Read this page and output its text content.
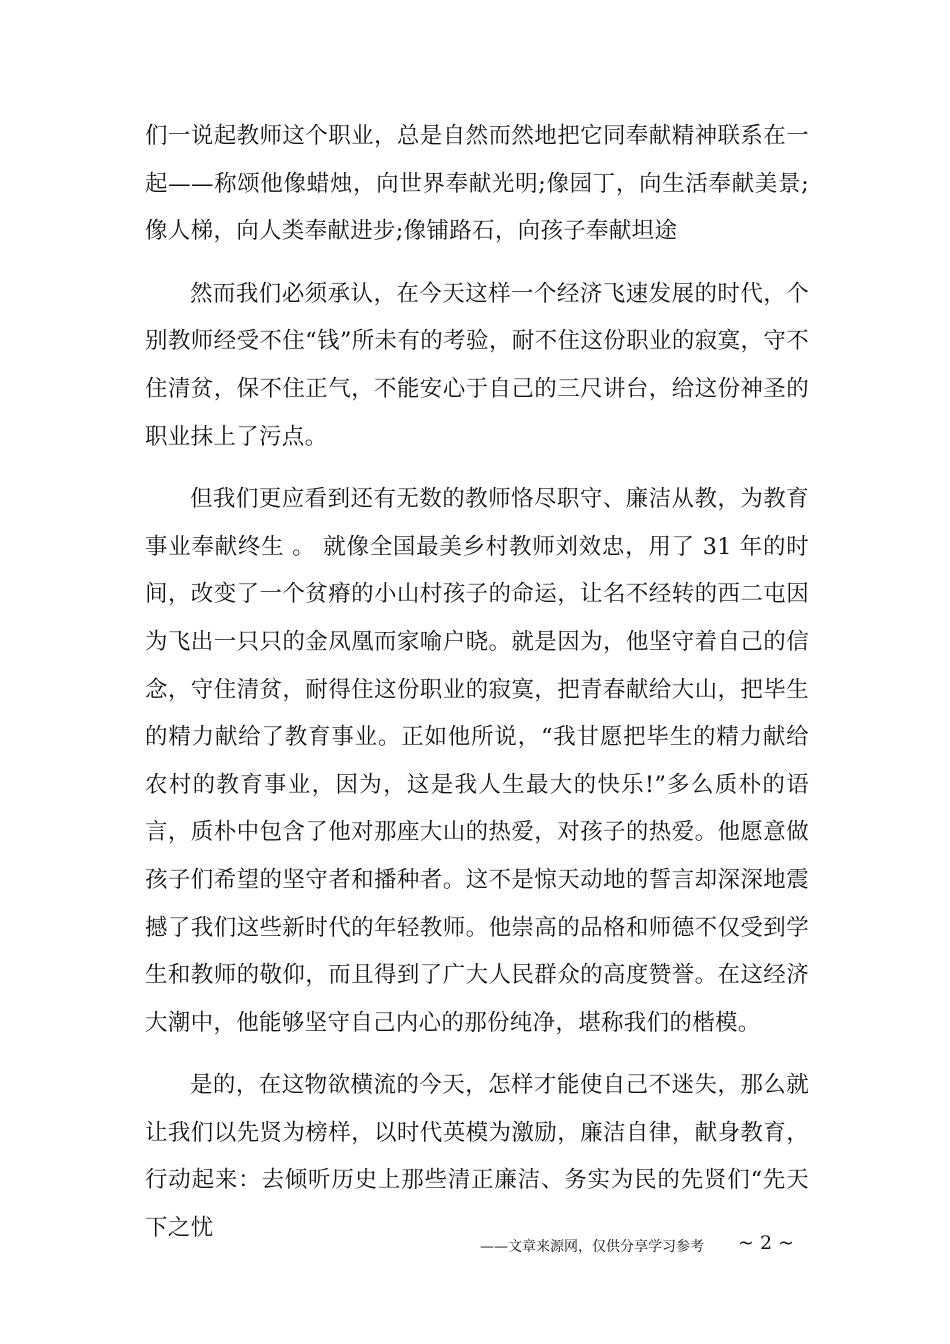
们一说起教师这个职业，总是自然而然地把它同奉献精神联系在一起——称颂他像蜡烛，向世界奉献光明;像园丁，向生活奉献美景;像人梯，向人类奉献进步;像铺路石，向孩子奉献坦途

然而我们必须承认，在今天这样一个经济飞速发展的时代，个别教师经受不住“钱”所未有的考验，耐不住这份职业的寂寞，守不住清贫，保不住正气，不能安心于自己的三尺讲台，给这份神圣的职业抹上了污点。

但我们更应看到还有无数的教师恪尽职守、廉洁从教，为教育事业奉献终生 。 就像全国最美乡村教师刘效忠，用了 31 年的时间，改变了一个贫瘠的小山村孩子的命运，让名不经转的西二屯因为飞出一只只的金凤凰而家喻户晓。就是因为，他坚守着自己的信念，守住清贫，耐得住这份职业的寂寞，把青春献给大山，把毕生的精力献给了教育事业。正如他所说，“我甘愿把毕生的精力献给农村的教育事业，因为，这是我人生最大的快乐!”多么质朴的语言，质朴中包含了他对那座大山的热爱，对孩子的热爱。他愿意做孩子们希望的坚守者和播种者。这不是惊天动地的誓言却深深地震撼了我们这些新时代的年轻教师。他崇高的品格和师德不仅受到学生和教师的敬仰，而且得到了广大人民群众的高度赞誉。在这经济大潮中，他能够坚守自己内心的那份纯净，堪称我们的楷模。

是的，在这物欲横流的今天，怎样才能使自己不迷失，那么就让我们以先贤为榜样，以时代英模为激励，廉洁自律，献身教育，行动起来：去倾听历史上那些清正廉洁、务实为民的先贤们“先天下之忧

——文章来源网，仅供分享学习参考 ~ 2 ~
